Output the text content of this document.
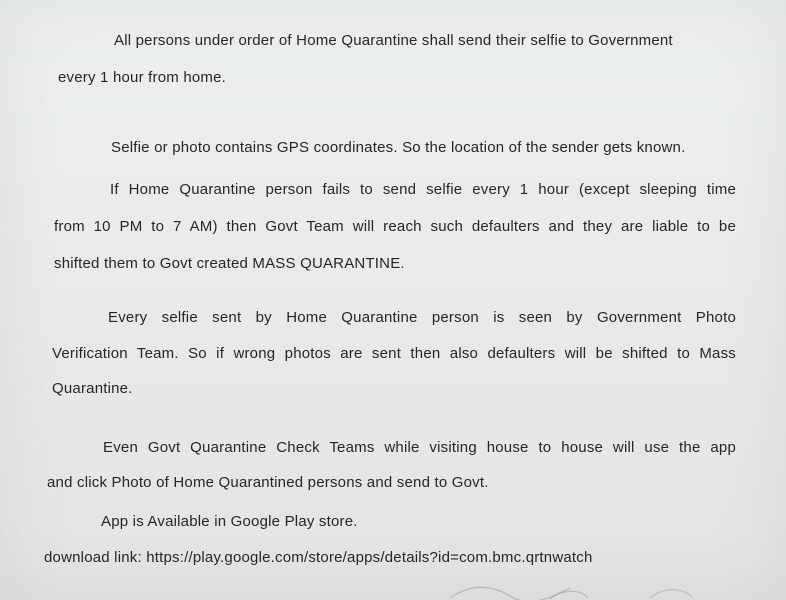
All persons under order of Home Quarantine shall send their selfie to Government
every 1 hour from home.
Selfie or photo contains GPS coordinates. So the location of the sender gets known.
If Home Quarantine person fails to send selfie every 1 hour (except sleeping time
from 10 PM to 7 AM) then Govt Team will reach such defaulters and they are liable to be
shifted them to Govt created MASS QUARANTINE.
Every selfie sent by Home Quarantine person is seen by Government Photo
Verification Team. So if wrong photos are sent then also defaulters will be shifted to Mass
Quarantine.
Even Govt Quarantine Check Teams while visiting house to house will use the app
and click Photo of Home Quarantined persons and send to Govt.
App is Available in Google Play store.
download link: https://play.google.com/store/apps/details?id=com.bmc.qrtnwatch
